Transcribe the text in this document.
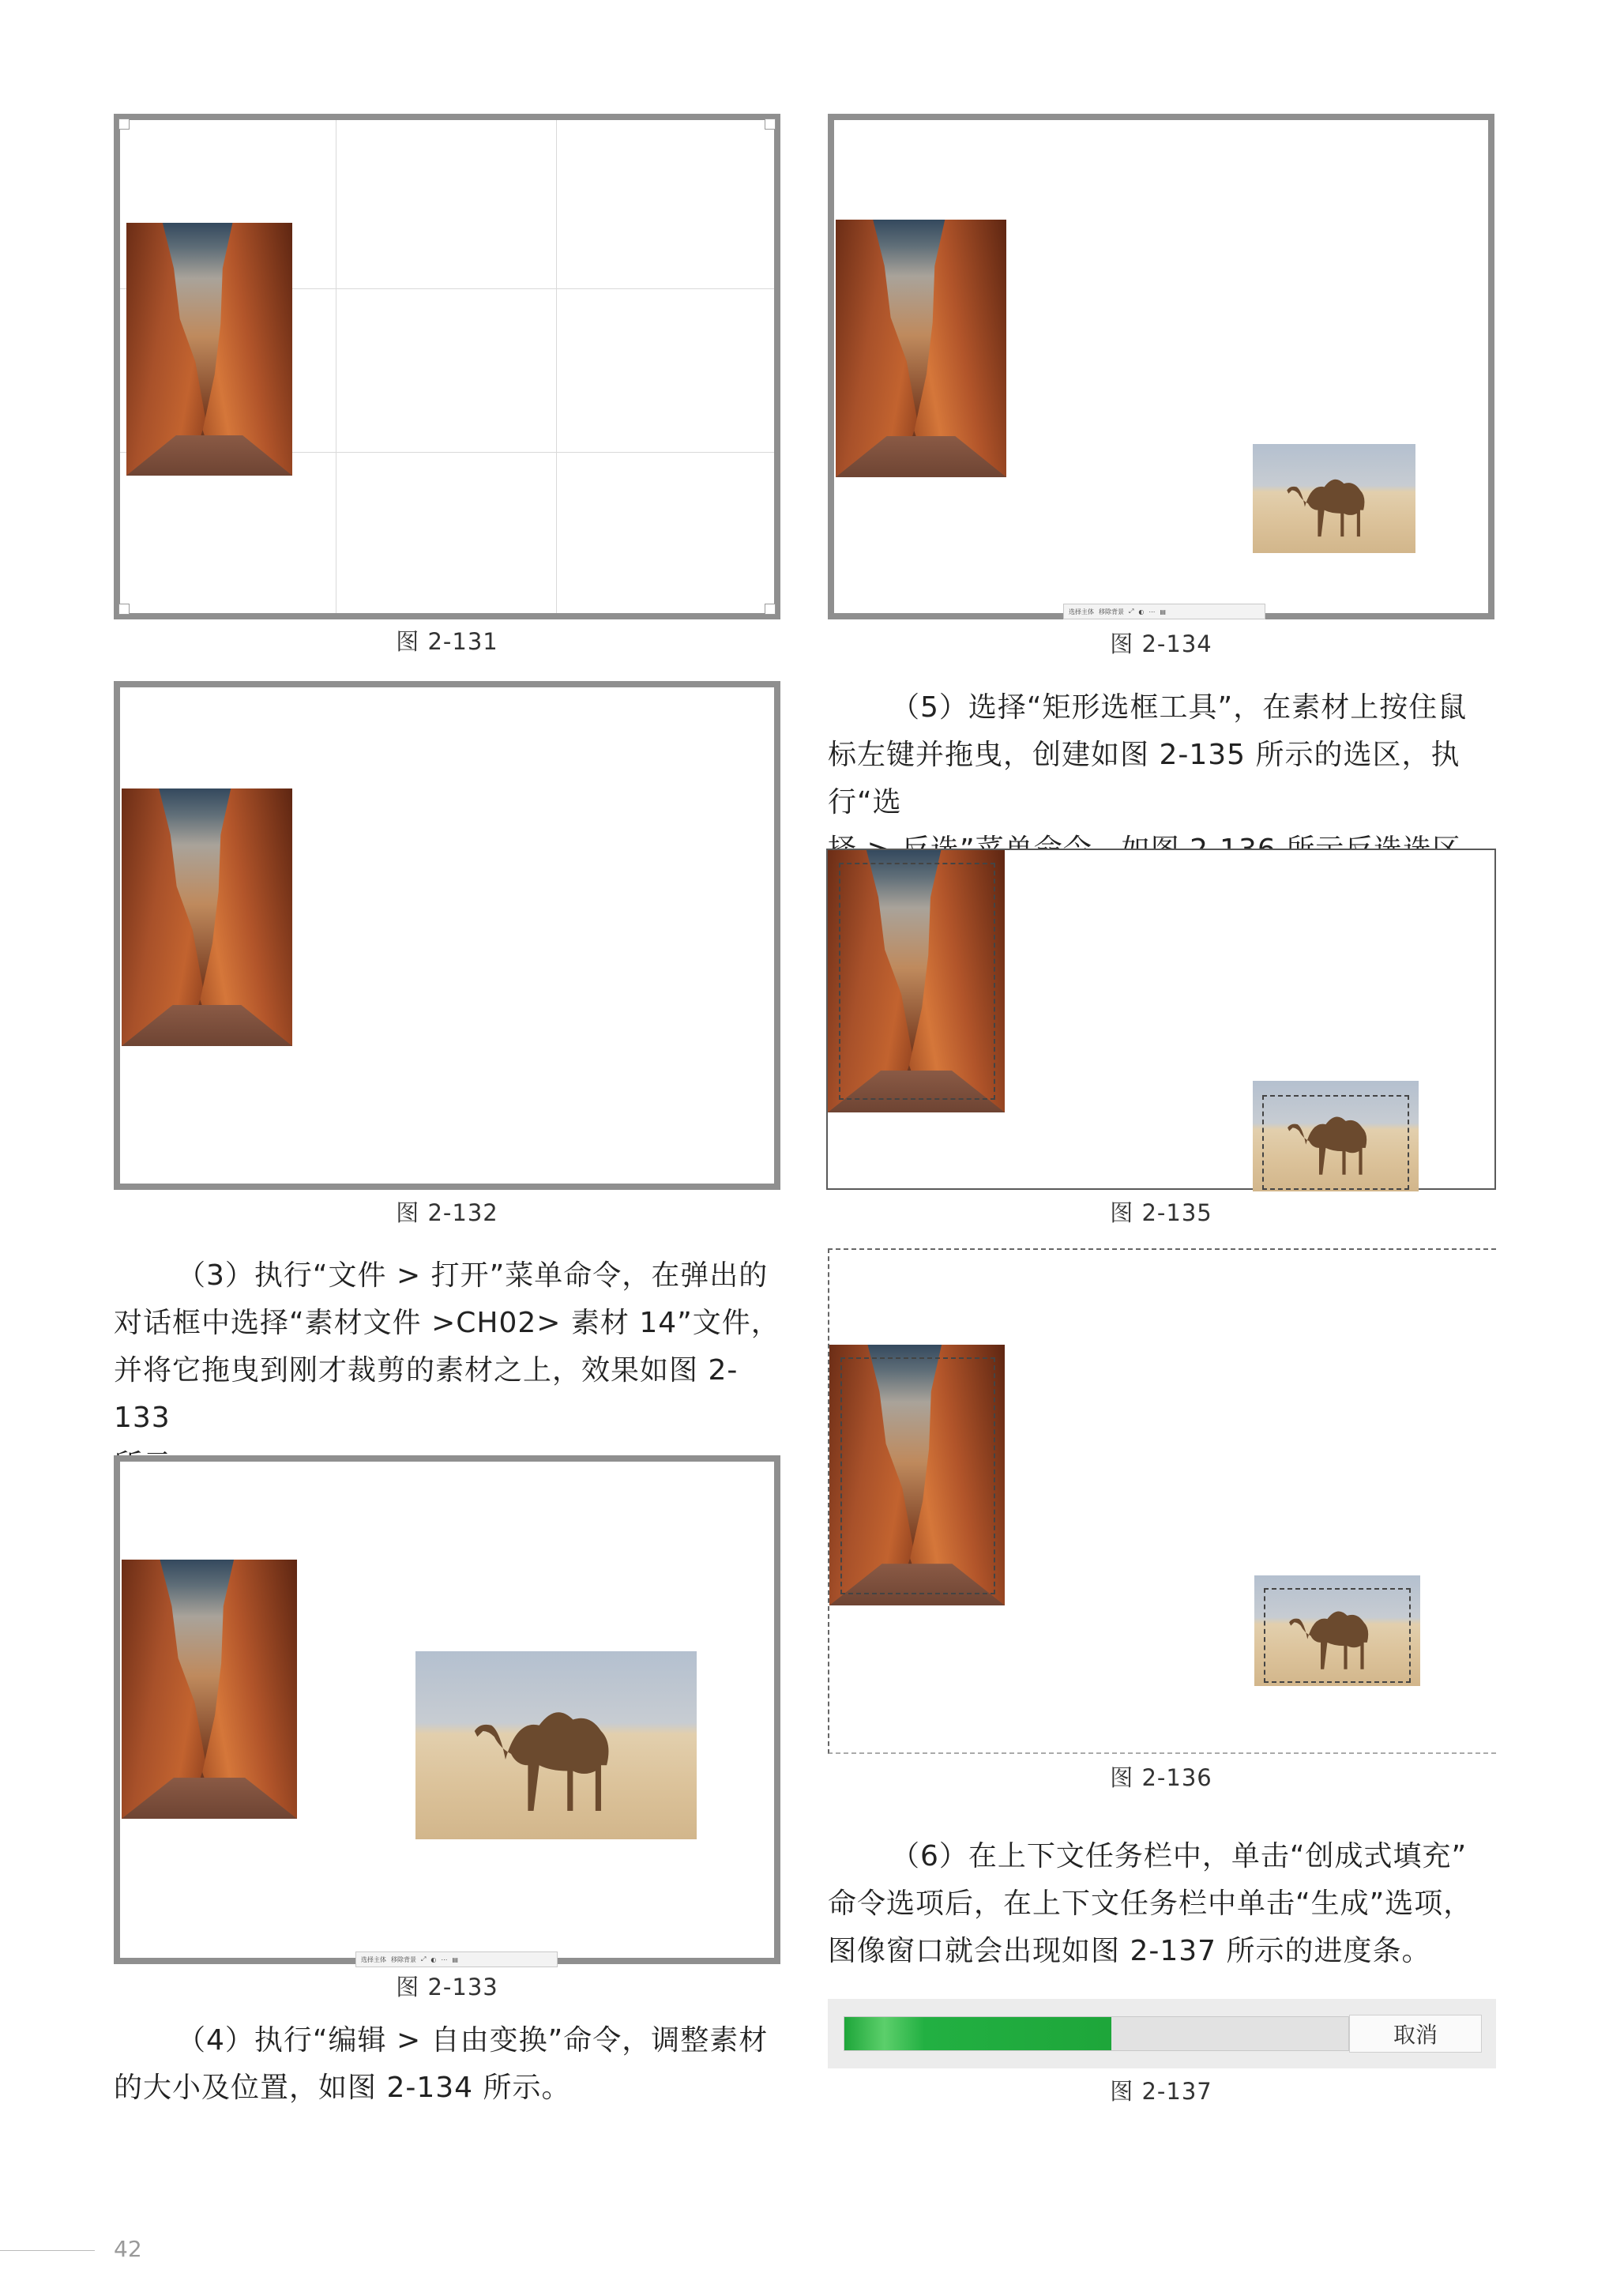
图 2-131
图 2-132

（3）执行“文件 > 打开”菜单命令，在弹出的

对话框中选择“素材文件 >CH02> 素材 14”文件，

并将它拖曳到刚才裁剪的素材之上，效果如图 2-133

选择主体 移除背景 ⤢ ◐ ⋯ ▤
图 2-133

（4）执行“编辑 > 自由变换”命令，调整素材

的大小及位置，如图 2-134 所示。

选择主体 移除背景 ⤢ ◐ ⋯ ▤
图 2-134

（5）选择“矩形选框工具”，在素材上按住鼠

标左键并拖曳，创建如图 2-135 所示的选区，执行“选

图 2-135
图 2-136

（6）在上下文任务栏中，单击“创成式填充”

命令选项后，在上下文任务栏中单击“生成”选项，

图像窗口就会出现如图 2-137 所示的进度条。

取消
图 2-137
42
